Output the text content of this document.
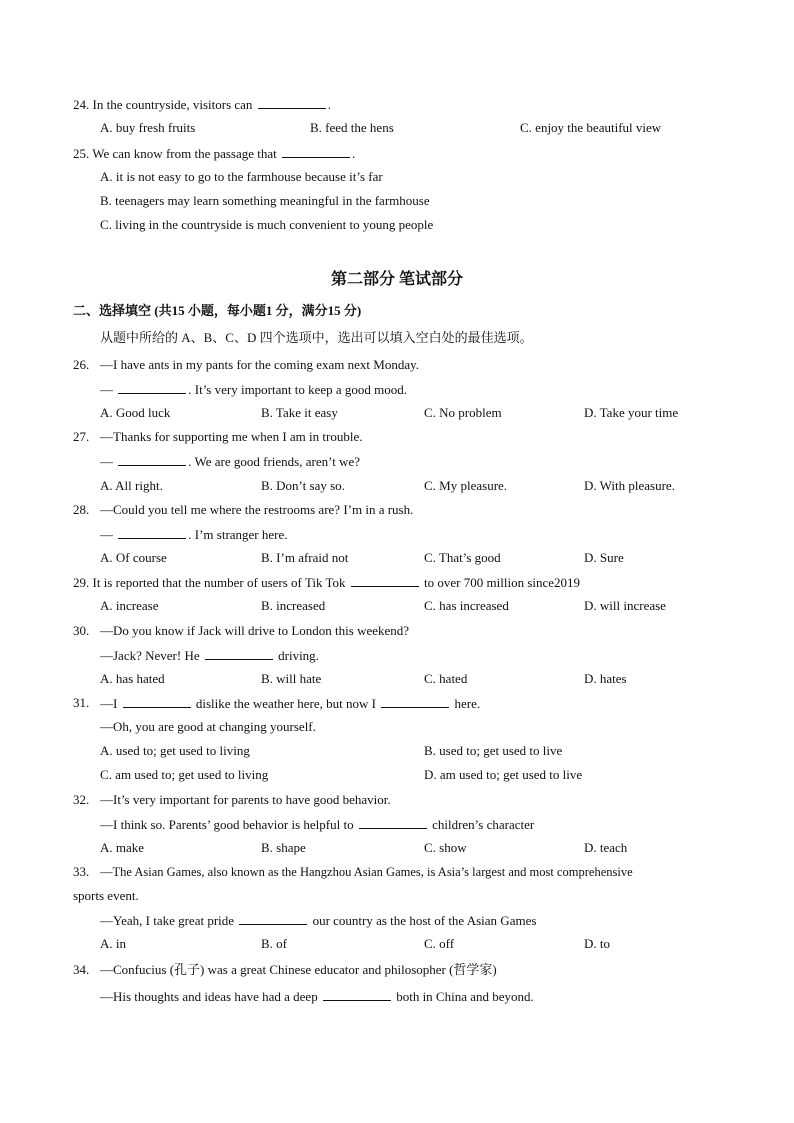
24. In the countryside, visitors can	.
A. buy fresh fruits	B. feed the hens	C. enjoy the beautiful view
25. We can know from the passage that	.
A. it is not easy to go to the farmhouse because it’s far
B. teenagers may learn something meaningful in the farmhouse
C. living in the countryside is much convenient to young people
第二部分 笔试部分
二、选择填空 (共15 小题，每小题1 分，满分15 分)
从题中所给的 A、B、C、D 四个选项中，选出可以填入空白处的最佳选项。
26. —I have ants in my pants for the coming exam next Monday.
—	. It’s very important to keep a good mood.
A. Good luck	B. Take it easy	C. No problem	D. Take your time
27. —Thanks for supporting me when I am in trouble.
—	. We are good friends, aren’t we?
A. All right.	B. Don’t say so.	C. My pleasure.	D. With pleasure.
28. —Could you tell me where the restrooms are? I’m in a rush.
—	. I’m stranger here.
A. Of course	B. I’m afraid not	C. That’s good	D. Sure
29. It is reported that the number of users of Tik Tok	to over 700 million since2019
A. increase	B. increased	C. has increased	D. will increase
30. —Do you know if Jack will drive to London this weekend?
—Jack? Never! He	driving.
A. has hated	B. will hate	C. hated	D. hates
31. —I	dislike the weather here, but now I	here.
—Oh, you are good at changing yourself.
A. used to; get used to living	B. used to; get used to live
C. am used to; get used to living	D. am used to; get used to live
32. —It’s very important for parents to have good behavior.
—I think so. Parents’ good behavior is helpful to	children’s character
A. make	B. shape	C. show	D. teach
33. —The Asian Games, also known as the Hangzhou Asian Games, is Asia’s largest and most comprehensive
sports event.
—Yeah, I take great pride	our country as the host of the Asian Games
A. in	B. of	C. off	D. to
34. —Confucius (孔子) was a great Chinese educator and philosopher (哲学家)
—His thoughts and ideas have had a deep	both in China and beyond.
